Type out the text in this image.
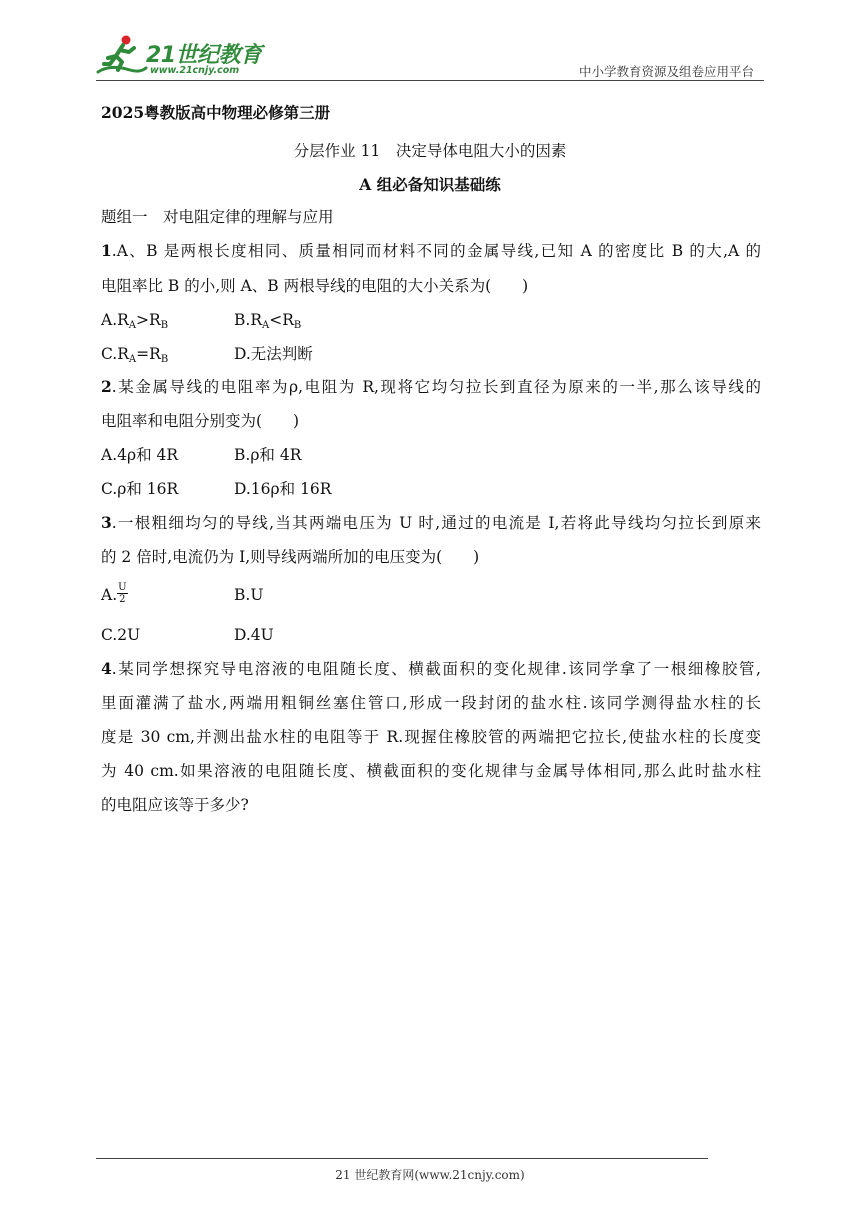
21世纪教育
www.21cnjy.com	中小学教育资源及组卷应用平台
2025粤教版高中物理必修第三册
分层作业 11　决定导体电阻大小的因素
A 组必备知识基础练
题组一　对电阻定律的理解与应用
1.A、B 是两根长度相同、质量相同而材料不同的金属导线,已知 A 的密度比 B 的大,A 的
电阻率比 B 的小,则 A、B 两根导线的电阻的大小关系为(　　)
$A.R_A>R_B$	$B.R_A<R_B$
$C.R_A=R_B$	D.无法判断
2.某金属导线的电阻率为ρ,电阻为 R,现将它均匀拉长到直径为原来的一半,那么该导线的
电阻率和电阻分别变为(　　)
A.4ρ和 4R	B.ρ和 4R
C.ρ和 16R	D.16ρ和 16R
3.一根粗细均匀的导线,当其两端电压为 U 时,通过的电流是 I,若将此导线均匀拉长到原来
的 2 倍时,电流仍为 I,则导线两端所加的电压变为(　　)
A. $\frac{U}{2}$	B.U
C.2U	D.4U
4.某同学想探究导电溶液的电阻随长度、横截面积的变化规律.该同学拿了一根细橡胶管,
里面灌满了盐水,两端用粗铜丝塞住管口,形成一段封闭的盐水柱.该同学测得盐水柱的长
度是 30 cm,并测出盐水柱的电阻等于 R.现握住橡胶管的两端把它拉长,使盐水柱的长度变
为 40 cm.如果溶液的电阻随长度、横截面积的变化规律与金属导体相同,那么此时盐水柱
的电阻应该等于多少?
21 世纪教育网(www.21cnjy.com)
